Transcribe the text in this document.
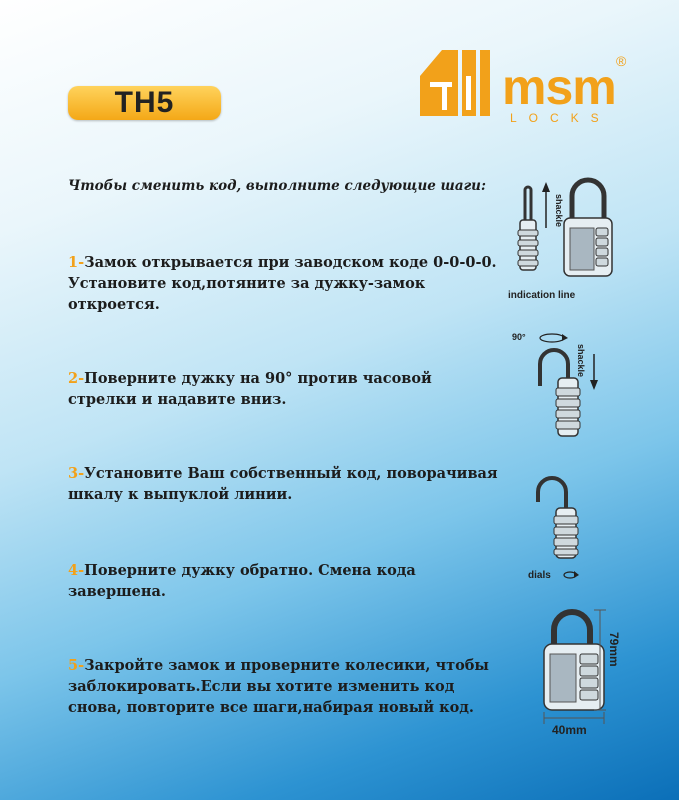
TH5	msm ®
LOCKS
Чтобы сменить код, выполните следующие шаги:
1-Замок открывается при заводском коде 0-0-0-0. Установите код,потяните за дужку-замок откроется.
2-Поверните дужку на 90° против часовой стрелки и надавите вниз.
3-Установите Ваш собственный код, поворачивая шкалу к выпуклой линии.
4-Поверните дужку обратно. Смена кода завершена.
5-Закройте замок и проверните колесики, чтобы заблокировать.Если вы хотите изменить код снова, повторите все шаги,набирая новый код.
shackle
indication line
90°
shackle
dials
79mm
40mm
